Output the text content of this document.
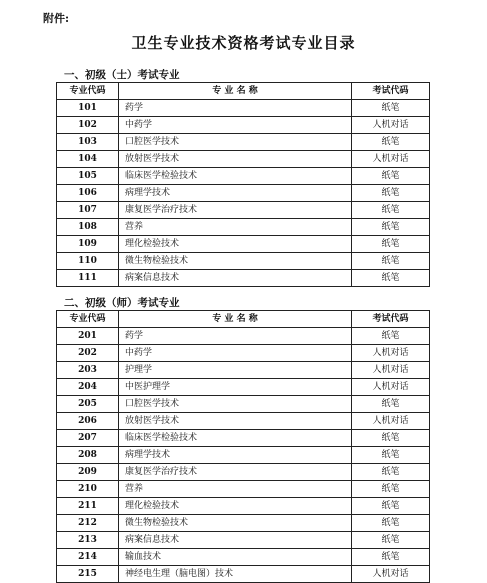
附件:
卫生专业技术资格考试专业目录
一、初级（士）考试专业
专业代码	专 业 名 称	考试代码
101	药学	纸笔
102	中药学	人机对话
103	口腔医学技术	纸笔
104	放射医学技术	人机对话
105	临床医学检验技术	纸笔
106	病理学技术	纸笔
107	康复医学治疗技术	纸笔
108	营养	纸笔
109	理化检验技术	纸笔
110	微生物检验技术	纸笔
111	病案信息技术	纸笔
二、初级（师）考试专业
专业代码	专 业 名 称	考试代码
201	药学	纸笔
202	中药学	人机对话
203	护理学	人机对话
204	中医护理学	人机对话
205	口腔医学技术	纸笔
206	放射医学技术	人机对话
207	临床医学检验技术	纸笔
208	病理学技术	纸笔
209	康复医学治疗技术	纸笔
210	营养	纸笔
211	理化检验技术	纸笔
212	微生物检验技术	纸笔
213	病案信息技术	纸笔
214	输血技术	纸笔
215	神经电生理（脑电图）技术	人机对话
